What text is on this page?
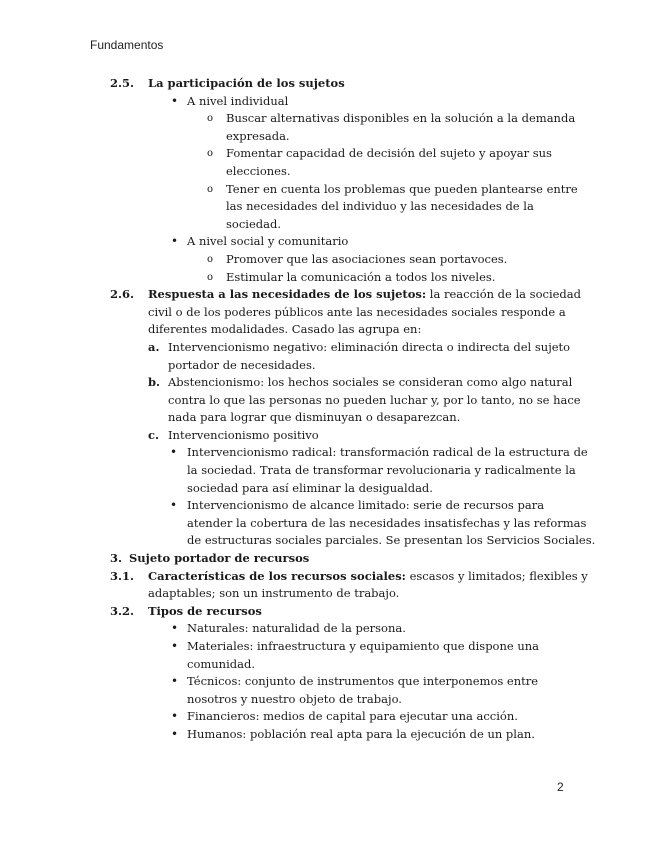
Fundamentos
2.5. La participación de los sujetos
• A nivel individual
o Buscar alternativas disponibles en la solución a la demanda
expresada.
o Fomentar capacidad de decisión del sujeto y apoyar sus
elecciones.
o Tener en cuenta los problemas que pueden plantearse entre
las necesidades del individuo y las necesidades de la
sociedad.
• A nivel social y comunitario
o Promover que las asociaciones sean portavoces.
o Estimular la comunicación a todos los niveles.
2.6. Respuesta a las necesidades de los sujetos: la reacción de la sociedad
civil o de los poderes públicos ante las necesidades sociales responde a
diferentes modalidades. Casado las agrupa en:
a. Intervencionismo negativo: eliminación directa o indirecta del sujeto
portador de necesidades.
b. Abstencionismo: los hechos sociales se consideran como algo natural
contra lo que las personas no pueden luchar y, por lo tanto, no se hace
nada para lograr que disminuyan o desaparezcan.
c. Intervencionismo positivo
• Intervencionismo radical: transformación radical de la estructura de
la sociedad. Trata de transformar revolucionaria y radicalmente la
sociedad para así eliminar la desigualdad.
• Intervencionismo de alcance limitado: serie de recursos para
atender la cobertura de las necesidades insatisfechas y las reformas
de estructuras sociales parciales. Se presentan los Servicios Sociales.
3. Sujeto portador de recursos
3.1. Características de los recursos sociales: escasos y limitados; flexibles y
adaptables; son un instrumento de trabajo.
3.2. Tipos de recursos
• Naturales: naturalidad de la persona.
• Materiales: infraestructura y equipamiento que dispone una
comunidad.
• Técnicos: conjunto de instrumentos que interponemos entre
nosotros y nuestro objeto de trabajo.
• Financieros: medios de capital para ejecutar una acción.
• Humanos: población real apta para la ejecución de un plan.
2
